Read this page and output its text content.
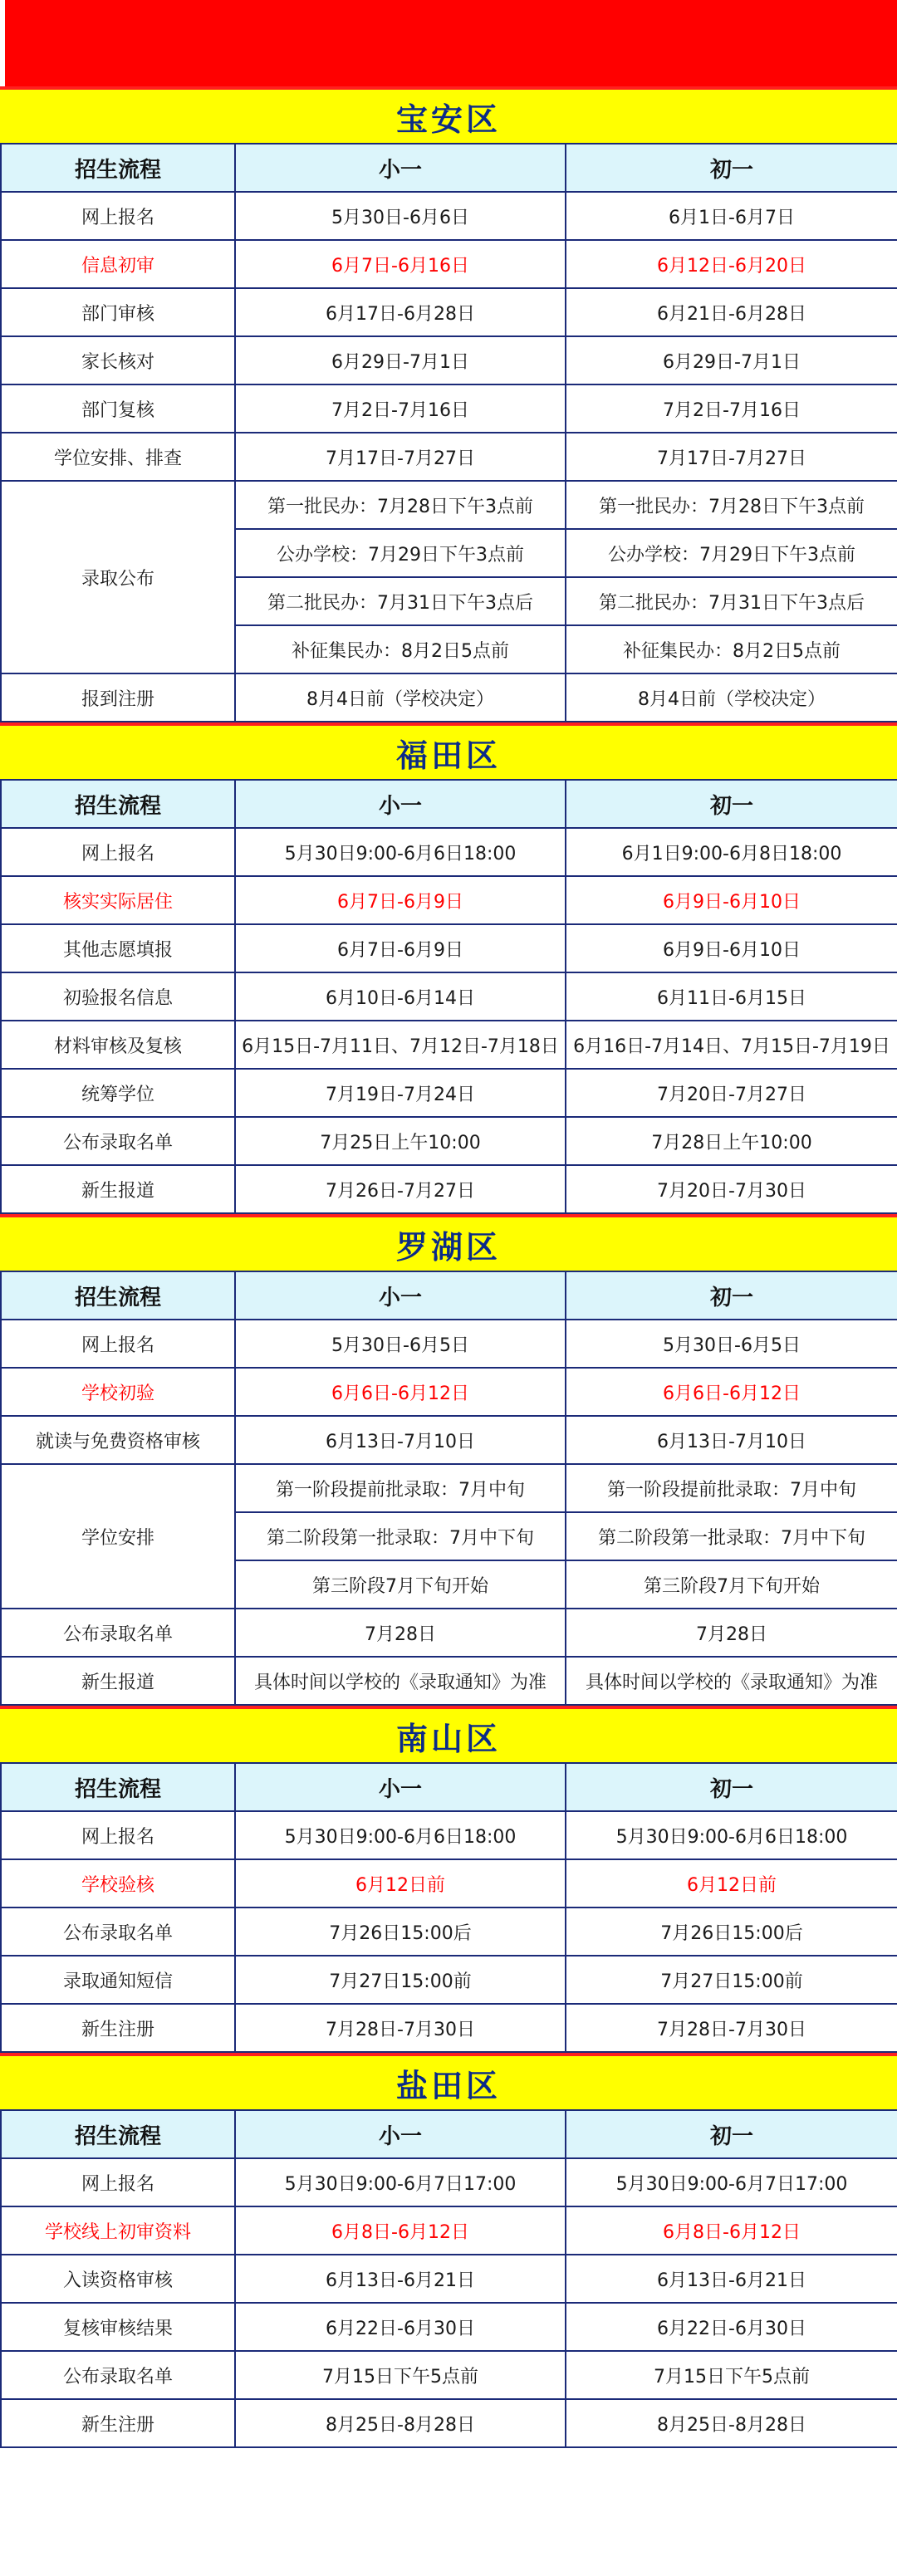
宝安区
招生流程	小一	初一
网上报名	5月30日-6月6日	6月1日-6月7日
信息初审	6月7日-6月16日	6月12日-6月20日
部门审核	6月17日-6月28日	6月21日-6月28日
家长核对	6月29日-7月1日	6月29日-7月1日
部门复核	7月2日-7月16日	7月2日-7月16日
学位安排、排查	7月17日-7月27日	7月17日-7月27日
录取公布	第一批民办：7月28日下午3点前	第一批民办：7月28日下午3点前
	公办学校：7月29日下午3点前	公办学校：7月29日下午3点前
	第二批民办：7月31日下午3点后	第二批民办：7月31日下午3点后
	补征集民办：8月2日5点前	补征集民办：8月2日5点前
报到注册	8月4日前（学校决定）	8月4日前（学校决定）
福田区
招生流程	小一	初一
网上报名	5月30日9:00-6月6日18:00	6月1日9:00-6月8日18:00
核实实际居住	6月7日-6月9日	6月9日-6月10日
其他志愿填报	6月7日-6月9日	6月9日-6月10日
初验报名信息	6月10日-6月14日	6月11日-6月15日
材料审核及复核	6月15日-7月11日、7月12日-7月18日	6月16日-7月14日、7月15日-7月19日
统筹学位	7月19日-7月24日	7月20日-7月27日
公布录取名单	7月25日上午10:00	7月28日上午10:00
新生报道	7月26日-7月27日	7月20日-7月30日
罗湖区
招生流程	小一	初一
网上报名	5月30日-6月5日	5月30日-6月5日
学校初验	6月6日-6月12日	6月6日-6月12日
就读与免费资格审核	6月13日-7月10日	6月13日-7月10日
学位安排	第一阶段提前批录取：7月中旬	第一阶段提前批录取：7月中旬
	第二阶段第一批录取：7月中下旬	第二阶段第一批录取：7月中下旬
	第三阶段7月下旬开始	第三阶段7月下旬开始
公布录取名单	7月28日	7月28日
新生报道	具体时间以学校的《录取通知》为准	具体时间以学校的《录取通知》为准
南山区
招生流程	小一	初一
网上报名	5月30日9:00-6月6日18:00	5月30日9:00-6月6日18:00
学校验核	6月12日前	6月12日前
公布录取名单	7月26日15:00后	7月26日15:00后
录取通知短信	7月27日15:00前	7月27日15:00前
新生注册	7月28日-7月30日	7月28日-7月30日
盐田区
招生流程	小一	初一
网上报名	5月30日9:00-6月7日17:00	5月30日9:00-6月7日17:00
学校线上初审资料	6月8日-6月12日	6月8日-6月12日
入读资格审核	6月13日-6月21日	6月13日-6月21日
复核审核结果	6月22日-6月30日	6月22日-6月30日
公布录取名单	7月15日下午5点前	7月15日下午5点前
新生注册	8月25日-8月28日	8月25日-8月28日
